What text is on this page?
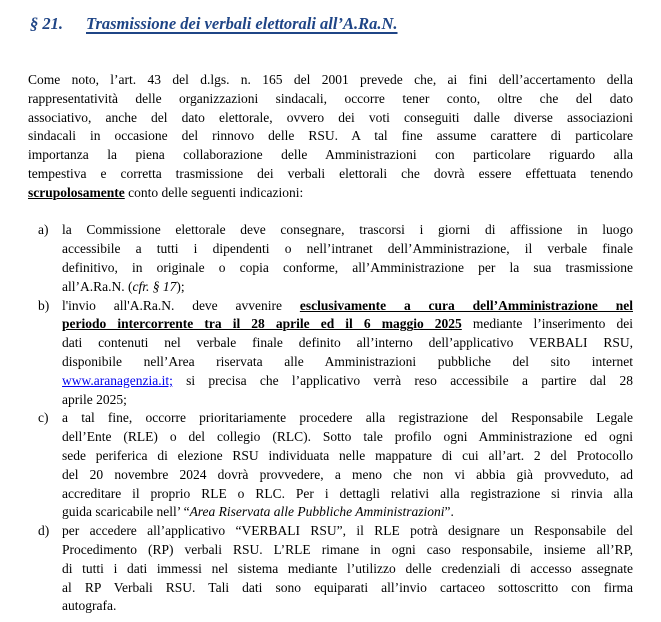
§ 21. Trasmissione dei verbali elettorali all’A.Ra.N.
Come noto, l’art. 43 del d.lgs. n. 165 del 2001 prevede che, ai fini dell’accertamento della
rappresentatività delle organizzazioni sindacali, occorre tener conto, oltre che del dato
associativo, anche del dato elettorale, ovvero dei voti conseguiti dalle diverse associazioni
sindacali in occasione del rinnovo delle RSU. A tal fine assume carattere di particolare
importanza la piena collaborazione delle Amministrazioni con particolare riguardo alla
tempestiva e corretta trasmissione dei verbali elettorali che dovrà essere effettuata tenendo
scrupolosamente conto delle seguenti indicazioni:
a) la Commissione elettorale deve consegnare, trascorsi i giorni di affissione in luogo
accessibile a tutti i dipendenti o nell’intranet dell’Amministrazione, il verbale finale
definitivo, in originale o copia conforme, all’Amministrazione per la sua trasmissione
all’A.Ra.N. (cfr. § 17);
b) l'invio all'A.Ra.N. deve avvenire esclusivamente a cura dell’Amministrazione nel
periodo intercorrente tra il 28 aprile ed il 6 maggio 2025 mediante l’inserimento dei
dati contenuti nel verbale finale definito all’interno dell’applicativo VERBALI RSU,
disponibile nell’Area riservata alle Amministrazioni pubbliche del sito internet
www.aranagenzia.it; si precisa che l’applicativo verrà reso accessibile a partire dal 28
aprile 2025;
c) a tal fine, occorre prioritariamente procedere alla registrazione del Responsabile Legale
dell’Ente (RLE) o del collegio (RLC). Sotto tale profilo ogni Amministrazione ed ogni
sede periferica di elezione RSU individuata nelle mappature di cui all’art. 2 del Protocollo
del 20 novembre 2024 dovrà provvedere, a meno che non vi abbia già provveduto, ad
accreditare il proprio RLE o RLC. Per i dettagli relativi alla registrazione si rinvia alla
guida scaricabile nell’ “Area Riservata alle Pubbliche Amministrazioni”.
d) per accedere all’applicativo “VERBALI RSU”, il RLE potrà designare un Responsabile del
Procedimento (RP) verbali RSU. L’RLE rimane in ogni caso responsabile, insieme all’RP,
di tutti i dati immessi nel sistema mediante l’utilizzo delle credenziali di accesso assegnate
al RP Verbali RSU. Tali dati sono equiparati all’invio cartaceo sottoscritto con firma
autografa.
